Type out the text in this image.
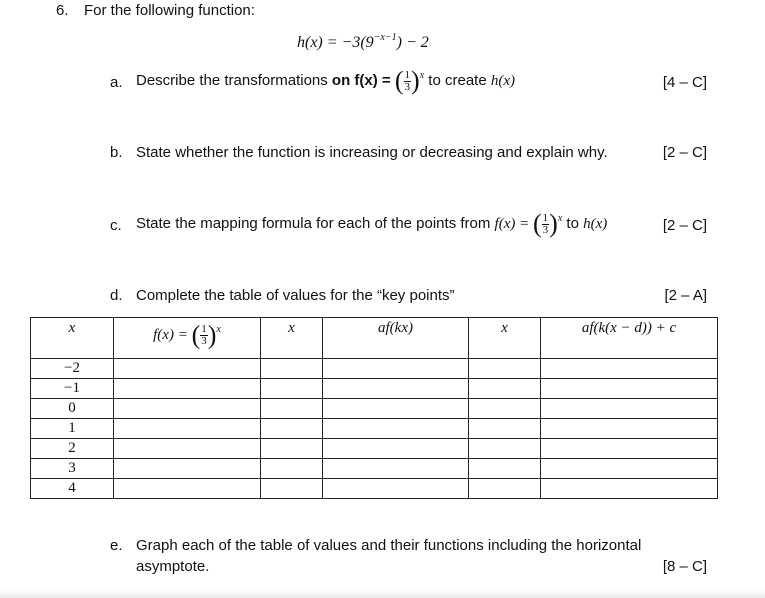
6. For the following function:
$h(x) = -3(9^{-x-1}) - 2$
a. Describe the transformations on f(x) = ( $\frac{1}{3} )^x$ to create h(x)	[4 – C]
b. State whether the function is increasing or decreasing and explain why.	[2 – C]
c. State the mapping formula for each of the points from f(x) = ( $\frac{1}{3} )^x$ to h(x)	[2 – C]
d. Complete the table of values for the “key points”	[2 – A]
x	f(x) = ( $\frac{1}{3} )^x$	x	af(kx)	x	af(k(x − d)) + c
−2					
−1					
0					
1					
2					
3					
4					
e. Graph each of the table of values and their functions including the horizontal
asymptote.	[8 – C]
